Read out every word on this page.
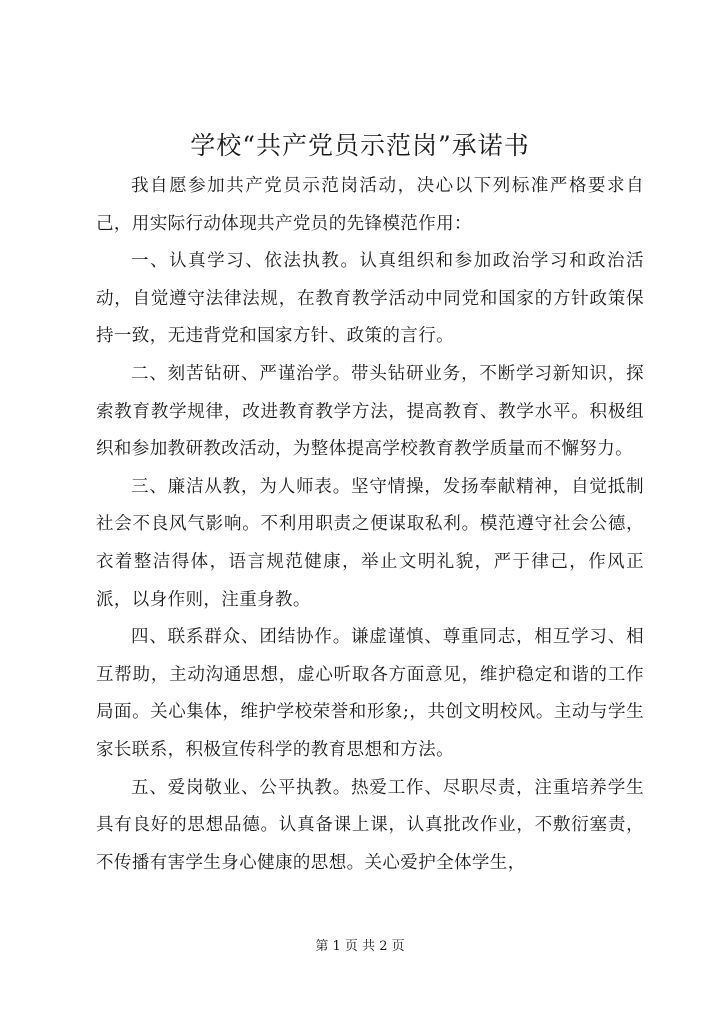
学校“共产党员示范岗”承诺书

我自愿参加共产党员示范岗活动，决心以下列标准严格要求自己，用实际行动体现共产党员的先锋模范作用：

一、认真学习、依法执教。认真组织和参加政治学习和政治活动，自觉遵守法律法规，在教育教学活动中同党和国家的方针政策保持一致，无违背党和国家方针、政策的言行。

二、刻苦钻研、严谨治学。带头钻研业务，不断学习新知识，探索教育教学规律，改进教育教学方法，提高教育、教学水平。积极组织和参加教研教改活动，为整体提高学校教育教学质量而不懈努力。

三、廉洁从教，为人师表。坚守情操，发扬奉献精神，自觉抵制社会不良风气影响。不利用职责之便谋取私利。模范遵守社会公德，衣着整洁得体，语言规范健康，举止文明礼貌，严于律己，作风正派，以身作则，注重身教。

四、联系群众、团结协作。谦虚谨慎、尊重同志，相互学习、相互帮助，主动沟通思想，虚心听取各方面意见，维护稳定和谐的工作局面。关心集体，维护学校荣誉和形象;，共创文明校风。主动与学生家长联系，积极宣传科学的教育思想和方法。

五、爱岗敬业、公平执教。热爱工作、尽职尽责，注重培养学生具有良好的思想品德。认真备课上课，认真批改作业，不敷衍塞责，不传播有害学生身心健康的思想。关心爱护全体学生，

第 1 页 共 2 页
